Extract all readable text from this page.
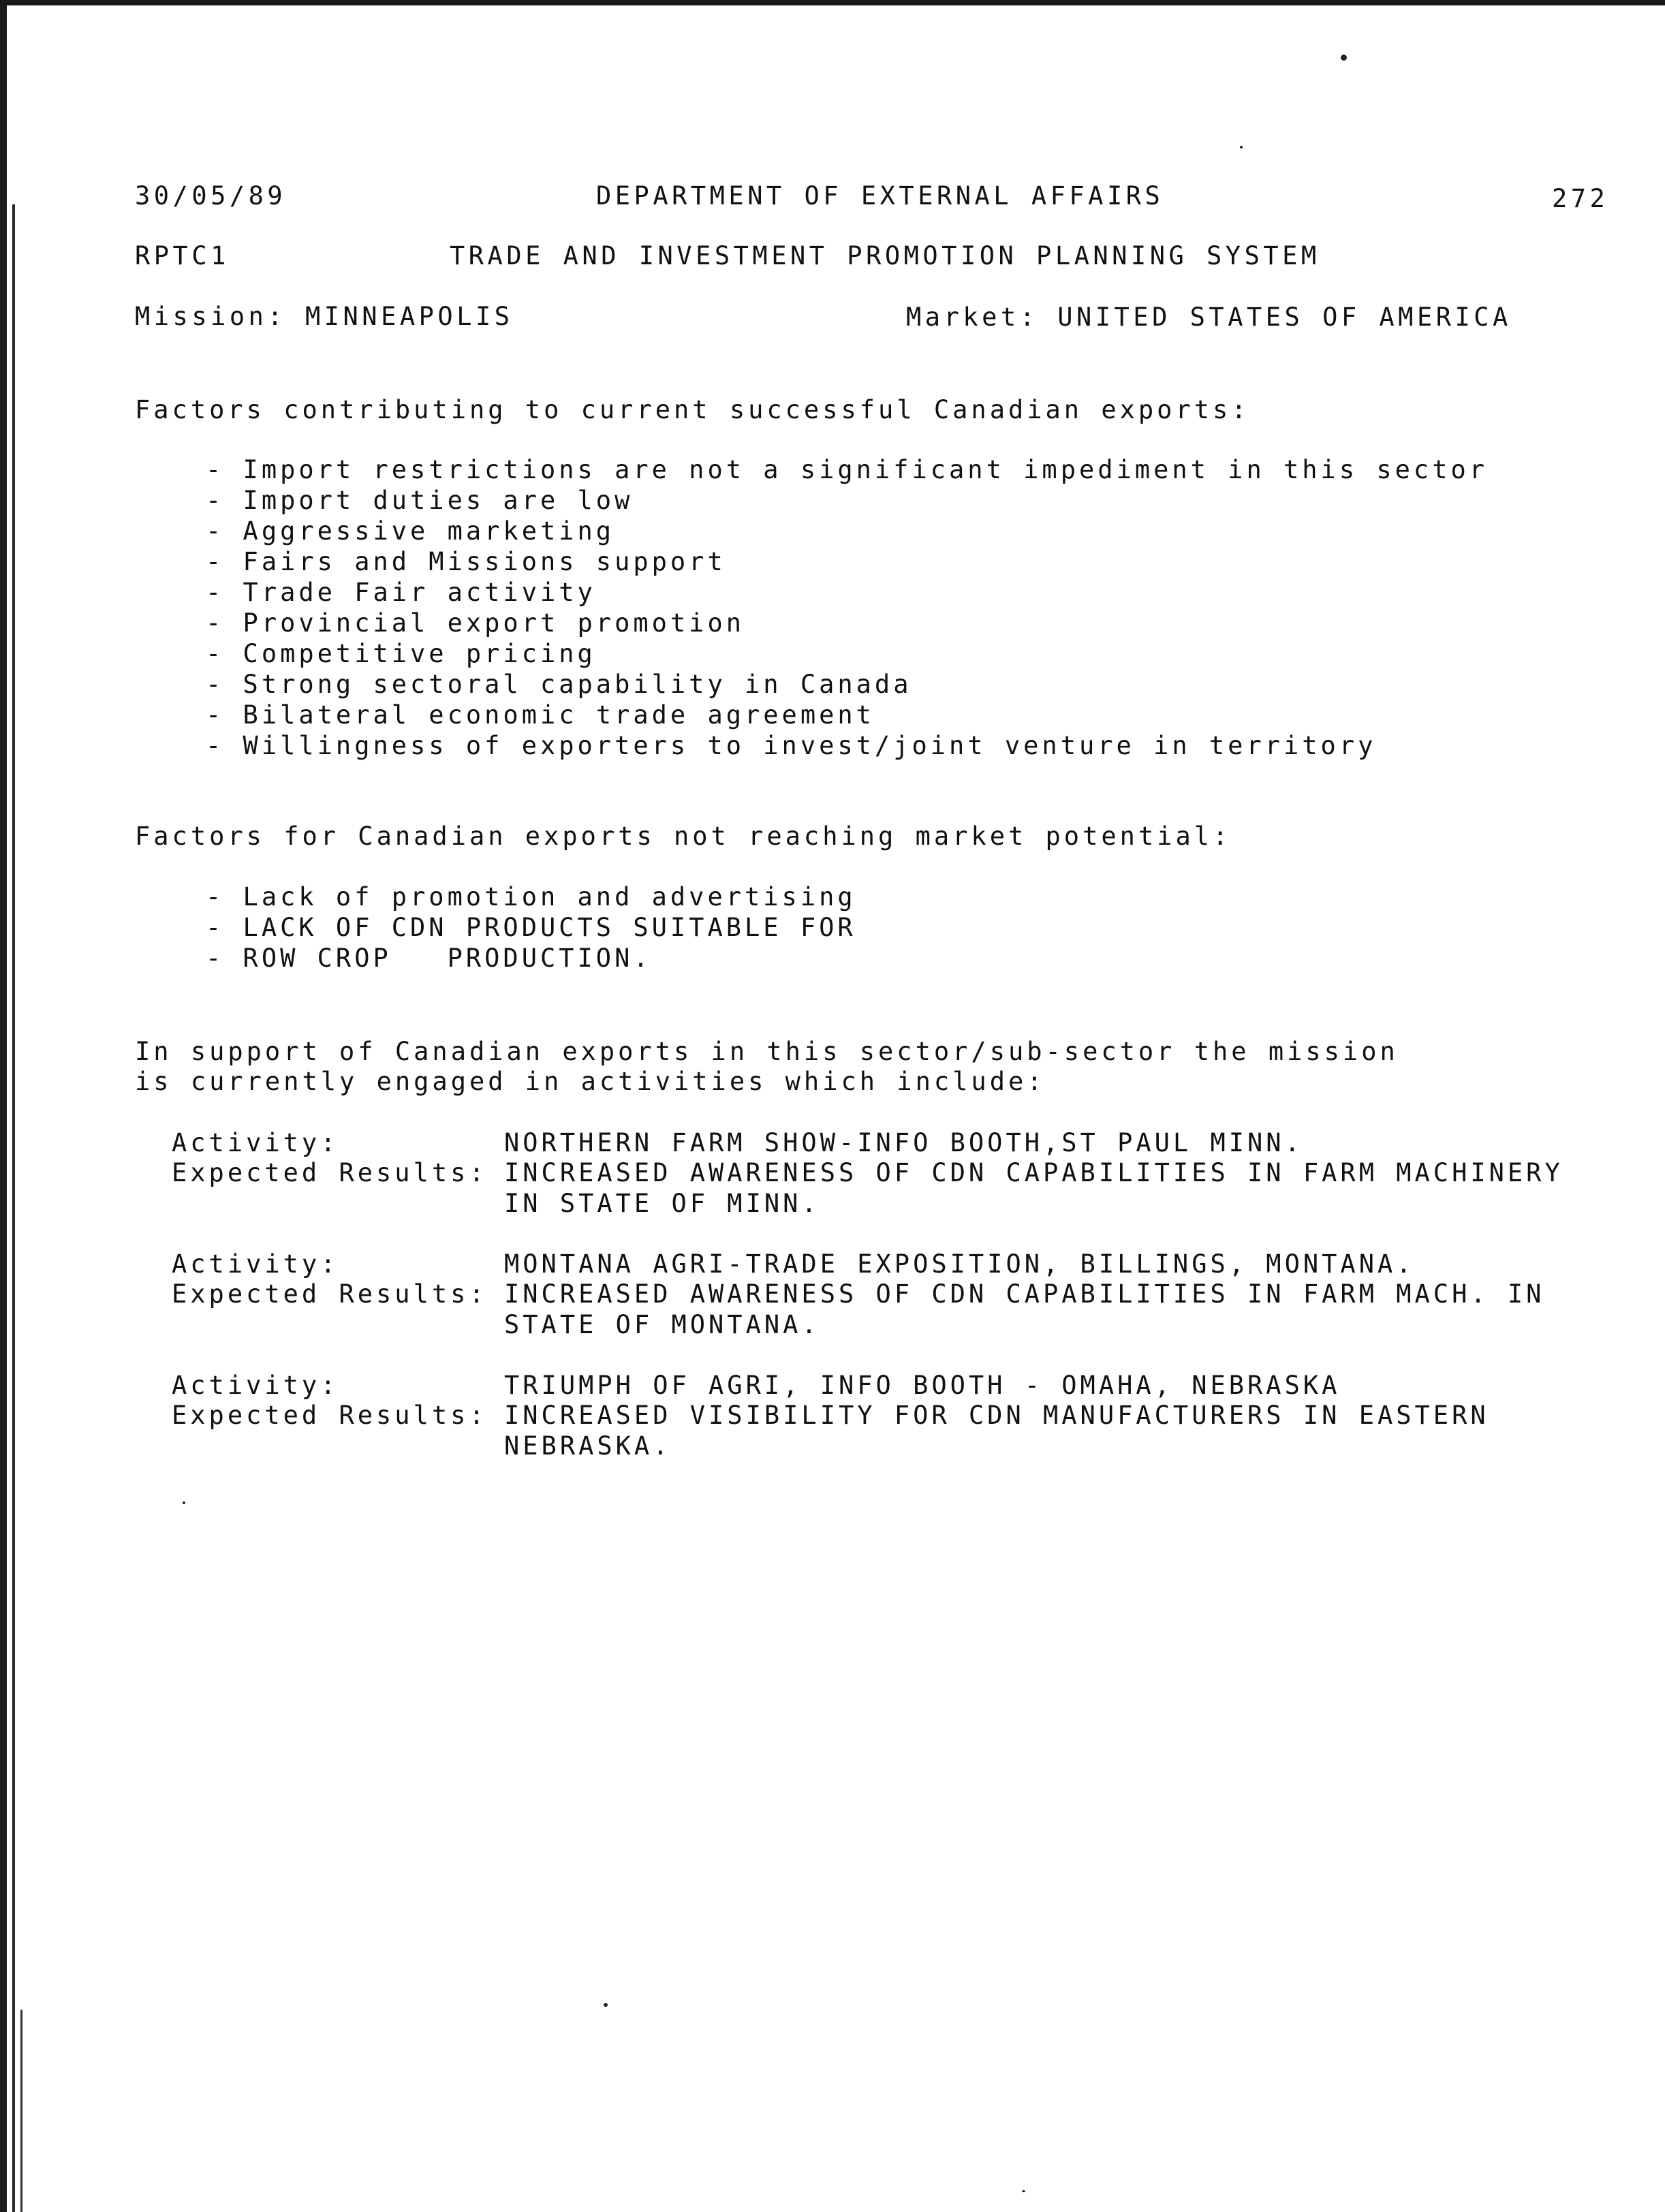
30/05/89	DEPARTMENT OF EXTERNAL AFFAIRS	272
RPTC1	TRADE AND INVESTMENT PROMOTION PLANNING SYSTEM
Mission: MINNEAPOLIS	Market: UNITED STATES OF AMERICA
Factors contributing to current successful Canadian exports:
- Import restrictions are not a significant impediment in this sector
- Import duties are low
- Aggressive marketing
- Fairs and Missions support
- Trade Fair activity
- Provincial export promotion
- Competitive pricing
- Strong sectoral capability in Canada
- Bilateral economic trade agreement
- Willingness of exporters to invest/joint venture in territory
Factors for Canadian exports not reaching market potential:
- Lack of promotion and advertising
- LACK OF CDN PRODUCTS SUITABLE FOR
- ROW CROP   PRODUCTION.
In support of Canadian exports in this sector/sub-sector the mission
is currently engaged in activities which include:
Activity:	NORTHERN FARM SHOW-INFO BOOTH,ST PAUL MINN.
Expected Results: INCREASED AWARENESS OF CDN CAPABILITIES IN FARM MACHINERY
IN STATE OF MINN.
Activity:	MONTANA AGRI-TRADE EXPOSITION, BILLINGS, MONTANA.
Expected Results: INCREASED AWARENESS OF CDN CAPABILITIES IN FARM MACH. IN
STATE OF MONTANA.
Activity:	TRIUMPH OF AGRI, INFO BOOTH - OMAHA, NEBRASKA
Expected Results: INCREASED VISIBILITY FOR CDN MANUFACTURERS IN EASTERN
NEBRASKA.
